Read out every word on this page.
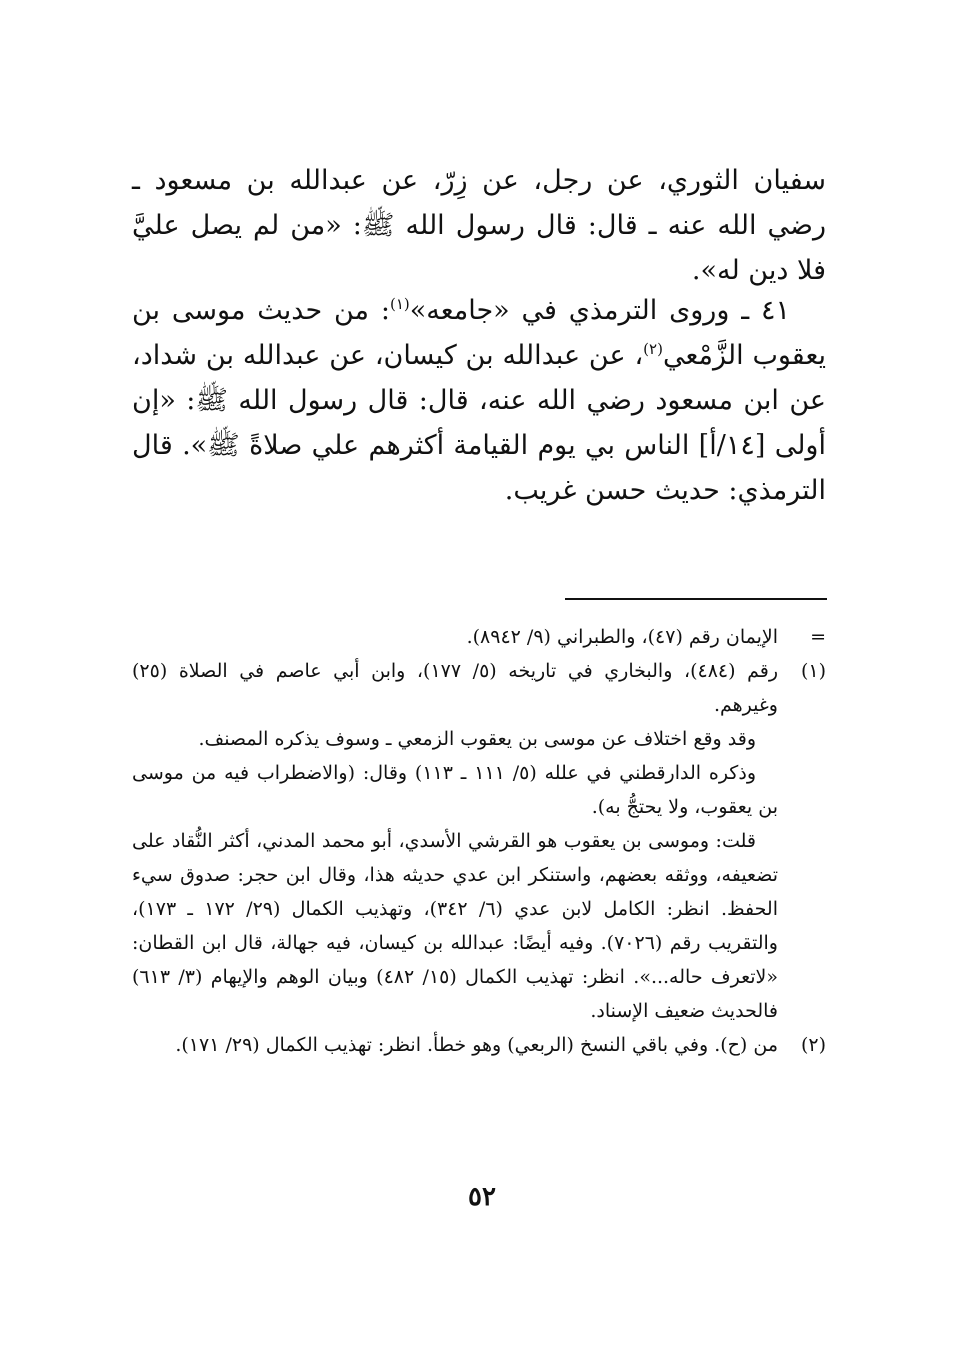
سفيان الثوري، عن رجل، عن زِرّ، عن عبدالله بن مسعود ـ رضي الله عنه ـ قال: قال رسول الله ﷺ: «من لم يصل عليَّ فلا دين له».
٤١ ـ وروى الترمذي في «جامعه»$^{(١)}$: من حديث موسى بن يعقوب الزَّمْعي$^{(٢)}$، عن عبدالله بن كيسان، عن عبدالله بن شداد، عن ابن مسعود رضي الله عنه، قال: قال رسول الله ﷺ: «إن أولى [١٤/أ] الناس بي يوم القيامة أكثرهم علي صلاةً ﷺ». قال الترمذي: حديث حسن غريب.
=

الإيمان رقم (٤٧)، والطبراني (٩/ ٨٩٤٢).

(١)

رقم (٤٨٤)، والبخاري في تاريخه (٥/ ١٧٧)، وابن أبي عاصم في الصلاة (٢٥) وغيرهم.

وقد وقع اختلاف عن موسى بن يعقوب الزمعي ـ وسوف يذكره المصنف.

وذكره الدارقطني في علله (٥/ ١١١ ـ ١١٣) وقال: (والاضطراب فيه من موسى بن يعقوب، ولا يحتجُّ به).

قلت: وموسى بن يعقوب هو القرشي الأسدي، أبو محمد المدني، أكثر النُّقاد على تضعيفه، ووثقه بعضهم، واستنكر ابن عدي حديثه هذا، وقال ابن حجر: صدوق سيء الحفظ. انظر: الكامل لابن عدي (٦/ ٣٤٢)، وتهذيب الكمال (٢٩/ ١٧٢ ـ ١٧٣)، والتقريب رقم (٧٠٢٦). وفيه أيضًا: عبدالله بن كيسان، فيه جهالة، قال ابن القطان: «لاتعرف حاله...». انظر: تهذيب الكمال (١٥/ ٤٨٢) وبيان الوهم والإيهام (٣/ ٦١٣) فالحديث ضعيف الإسناد.

(٢)

من (ح). وفي باقي النسخ (الربعي) وهو خطأ. انظر: تهذيب الكمال (٢٩/ ١٧١).

٥٢
